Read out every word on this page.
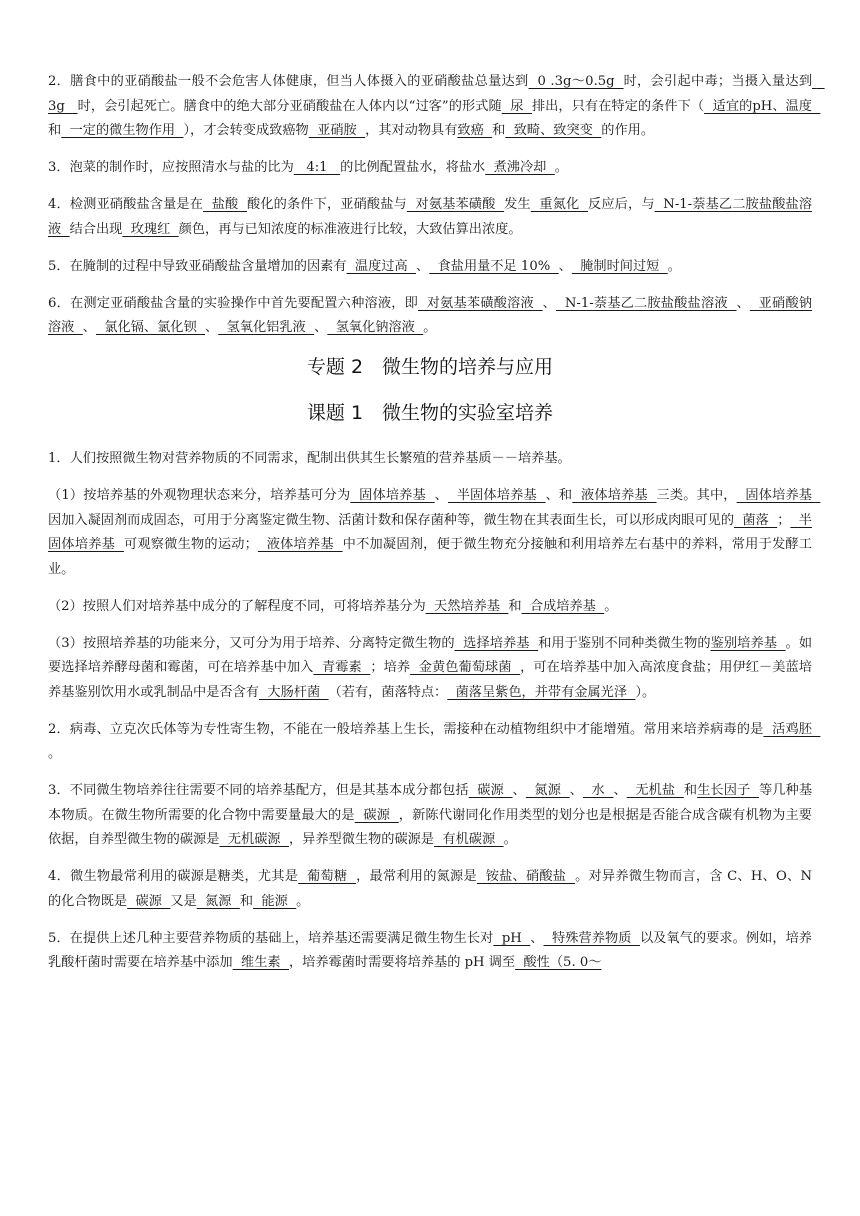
2．膳食中的亚硝酸盐一般不会危害人体健康，但当人体摄入的亚硝酸盐总量达到  0 .3g～0.5g  时，会引起中毒；当摄入量达到   3g   时，会引起死亡。膳食中的绝大部分亚硝酸盐在人体内以“过客”的形式随  尿  排出，只有在特定的条件下（  适宜的pH、温度  和  一定的微生物作用  ），才会转变成致癌物  亚硝胺  ，其对动物具有致癌  和  致畸、致突变  的作用。

3．泡菜的制作时，应按照清水与盐的比为   4:1   的比例配置盐水，将盐水  煮沸冷却  。

4．检测亚硝酸盐含量是在  盐酸  酸化的条件下，亚硝酸盐与  对氨基苯磺酸  发生  重氮化  反应后，与  N-1-萘基乙二胺盐酸盐溶液  结合出现  玫瑰红  颜色，再与已知浓度的标准液进行比较，大致估算出浓度。

5．在腌制的过程中导致亚硝酸盐含量增加的因素有  温度过高  、  食盐用量不足 10%  、  腌制时间过短  。

6．在测定亚硝酸盐含量的实验操作中首先要配置六种溶液，即  对氨基苯磺酸溶液  、  N-1-萘基乙二胺盐酸盐溶液  、  亚硝酸钠溶液  、  氯化镉、氯化钡  、  氢氧化铝乳液  、  氢氧化钠溶液  。

专题 2　微生物的培养与应用
课题 1　微生物的实验室培养

1．人们按照微生物对营养物质的不同需求，配制出供其生长繁殖的营养基质－－培养基。

（1）按培养基的外观物理状态来分，培养基可分为  固体培养基  、  半固体培养基  、和  液体培养基  三类。其中，  固体培养基  因加入凝固剂而成固态，可用于分离鉴定微生物、活菌计数和保存菌种等，微生物在其表面生长，可以形成肉眼可见的  菌落  ；  半固体培养基  可观察微生物的运动；  液体培养基  中不加凝固剂，便于微生物充分接触和利用培养左右基中的养料，常用于发酵工业。

（2）按照人们对培养基中成分的了解程度不同，可将培养基分为  天然培养基  和  合成培养基  。

（3）按照培养基的功能来分，又可分为用于培养、分离特定微生物的  选择培养基  和用于鉴别不同种类微生物的鉴别培养基  。如要选择培养酵母菌和霉菌，可在培养基中加入  青霉素  ；培养  金黄色葡萄球菌  ，可在培养基中加入高浓度食盐；用伊红－美蓝培养基鉴别饮用水或乳制品中是否含有  大肠杆菌  （若有，菌落特点：  菌落呈紫色，并带有金属光泽  ）。

2．病毒、立克次氏体等为专性寄生物，不能在一般培养基上生长，需接种在动植物组织中才能增殖。常用来培养病毒的是  活鸡胚  。

3．不同微生物培养往往需要不同的培养基配方，但是其基本成分都包括  碳源  、  氮源  、  水  、  无机盐  和生长因子  等几种基本物质。在微生物所需要的化合物中需要量最大的是  碳源  ，新陈代谢同化作用类型的划分也是根据是否能合成含碳有机物为主要依据，自养型微生物的碳源是  无机碳源  ，异养型微生物的碳源是  有机碳源  。

4．微生物最常利用的碳源是糖类，尤其是  葡萄糖  ，最常利用的氮源是  铵盐、硝酸盐  。对异养微生物而言，含 C、H、O、N 的化合物既是  碳源  又是  氮源  和  能源  。

5．在提供上述几种主要营养物质的基础上，培养基还需要满足微生物生长对  pH  、  特殊营养物质  以及氧气的要求。例如，培养乳酸杆菌时需要在培养基中添加  维生素  ，培养霉菌时需要将培养基的 pH 调至  酸性（5. 0～
